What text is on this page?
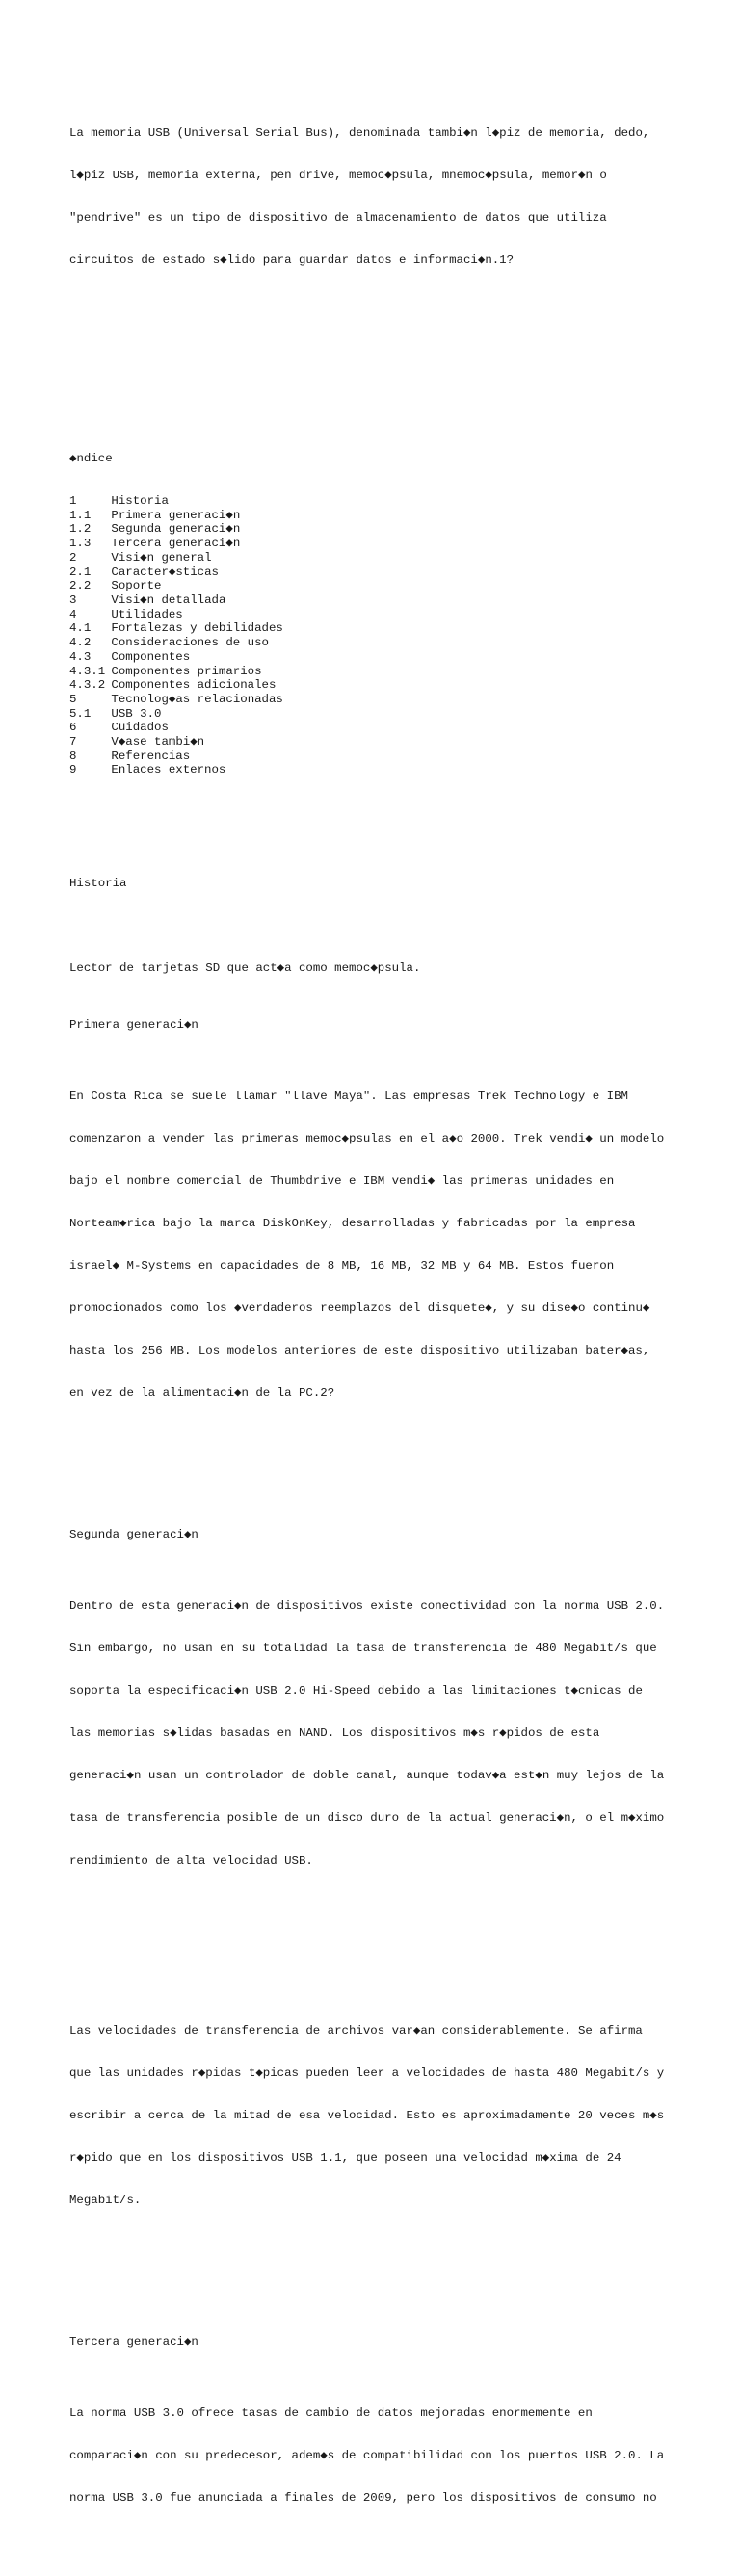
La memoria USB (Universal Serial Bus), denominada tambi◆n l◆piz de memoria, dedo,

l◆piz USB, memoria externa, pen drive, memoc◆psula, mnemoc◆psula, memor◆n o

"pendrive" es un tipo de dispositivo de almacenamiento de datos que utiliza

circuitos de estado s◆lido para guardar datos e informaci◆n.1?

◆ndice

1	Historia
1.1 Primera generaci◆n
1.2 Segunda generaci◆n
1.3 Tercera generaci◆n
2	Visi◆n general
2.1 Caracter◆sticas
2.2 Soporte
3	Visi◆n detallada
4	Utilidades
4.1 Fortalezas y debilidades
4.2 Consideraciones de uso
4.3 Componentes
4.3.1 Componentes primarios
4.3.2 Componentes adicionales
5	Tecnolog◆as relacionadas
5.1 USB 3.0
6	Cuidados
7	V◆ase tambi◆n
8	Referencias
9	Enlaces externos

Historia

Lector de tarjetas SD que act◆a como memoc◆psula.

Primera generaci◆n

En Costa Rica se suele llamar "llave Maya". Las empresas Trek Technology e IBM

comenzaron a vender las primeras memoc◆psulas en el a◆o 2000. Trek vendi◆ un modelo

bajo el nombre comercial de Thumbdrive e IBM vendi◆ las primeras unidades en

Norteam◆rica bajo la marca DiskOnKey, desarrolladas y fabricadas por la empresa

israel◆ M-Systems en capacidades de 8 MB, 16 MB, 32 MB y 64 MB. Estos fueron

promocionados como los ◆verdaderos reemplazos del disquete◆, y su dise◆o continu◆

hasta los 256 MB. Los modelos anteriores de este dispositivo utilizaban bater◆as,

en vez de la alimentaci◆n de la PC.2?

Segunda generaci◆n

Dentro de esta generaci◆n de dispositivos existe conectividad con la norma USB 2.0.

Sin embargo, no usan en su totalidad la tasa de transferencia de 480 Megabit/s que

soporta la especificaci◆n USB 2.0 Hi-Speed debido a las limitaciones t◆cnicas de

las memorias s◆lidas basadas en NAND. Los dispositivos m◆s r◆pidos de esta

generaci◆n usan un controlador de doble canal, aunque todav◆a est◆n muy lejos de la

tasa de transferencia posible de un disco duro de la actual generaci◆n, o el m◆ximo

rendimiento de alta velocidad USB.

Las velocidades de transferencia de archivos var◆an considerablemente. Se afirma

que las unidades r◆pidas t◆picas pueden leer a velocidades de hasta 480 Megabit/s y

escribir a cerca de la mitad de esa velocidad. Esto es aproximadamente 20 veces m◆s

r◆pido que en los dispositivos USB 1.1, que poseen una velocidad m◆xima de 24

Megabit/s.

Tercera generaci◆n

La norma USB 3.0 ofrece tasas de cambio de datos mejoradas enormemente en

comparaci◆n con su predecesor, adem◆s de compatibilidad con los puertos USB 2.0. La

norma USB 3.0 fue anunciada a finales de 2009, pero los dispositivos de consumo no
